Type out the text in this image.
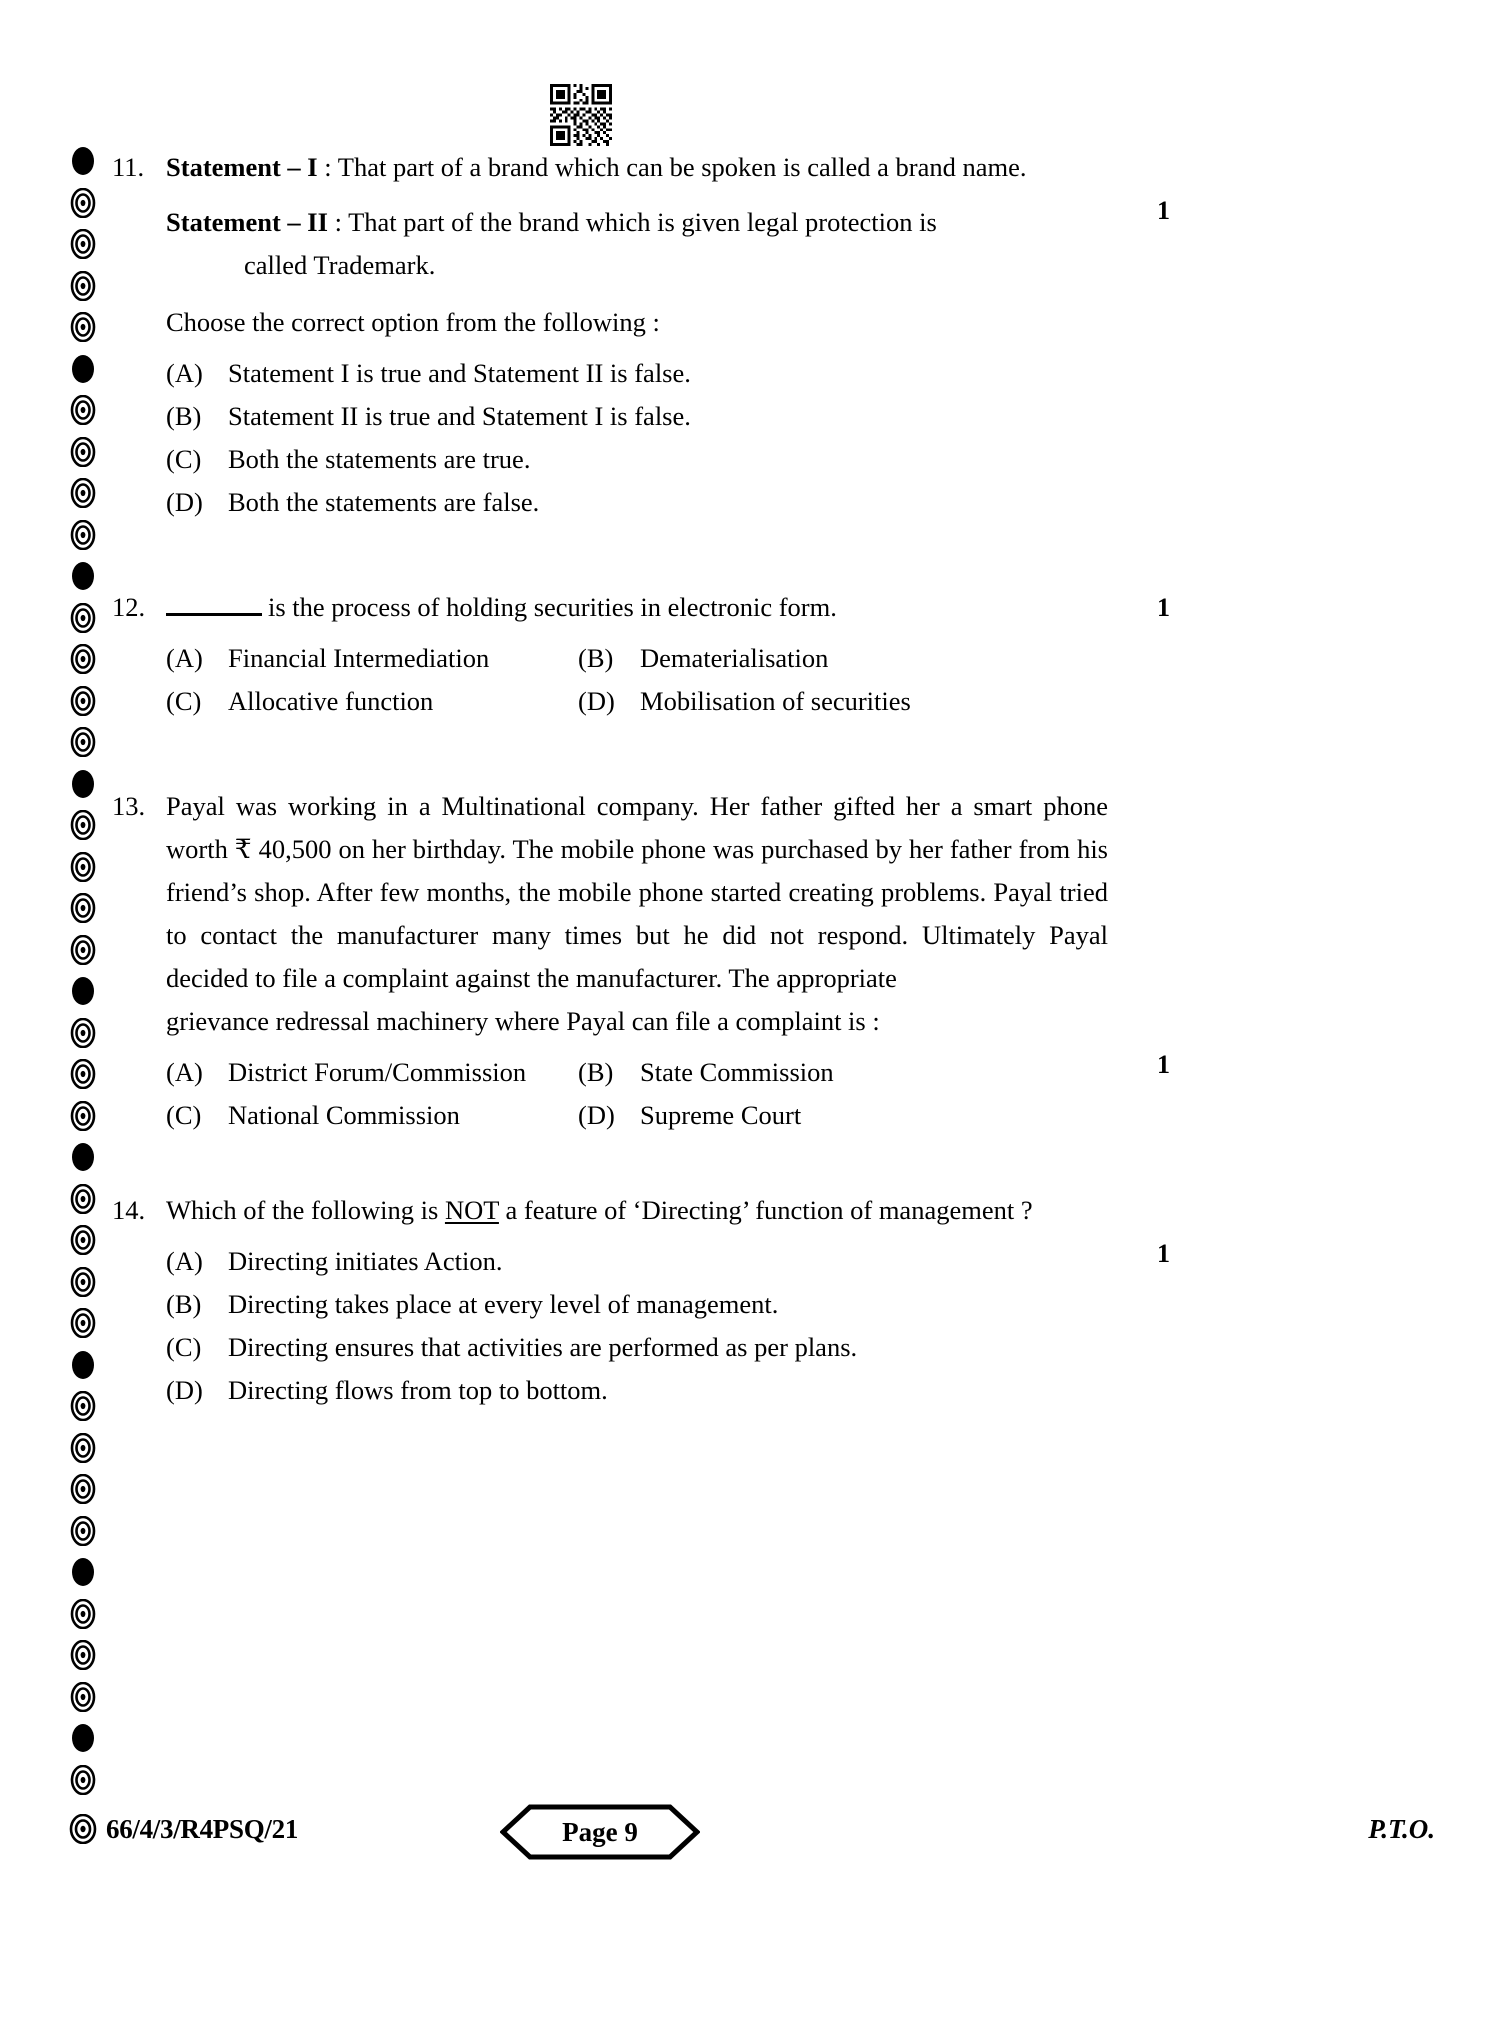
1
11. Statement – I : That part of a brand which can be spoken is called a brand name.
Statement – II : That part of the brand which is given legal protection is
called Trademark.
Choose the correct option from the following :
(A) Statement I is true and Statement II is false.
(B)	Statement II is true and Statement I is false.
(C)	Both the statements are true.
(D) Both the statements are false.
1
12.	is the process of holding securities in electronic form.
(A) Financial Intermediation	(B)	Dematerialisation
(C)	Allocative function	(D) Mobilisation of securities
1
13. Payal was working in a Multinational company. Her father gifted her a smart phone worth ₹ 40,500 on her birthday. The mobile phone was purchased by her father from his friend’s shop. After few months, the mobile phone started creating problems. Payal tried to contact the manufacturer many times but he did not respond. Ultimately Payal decided to file a complaint against the manufacturer. The appropriate
grievance redressal machinery where Payal can file a complaint is :
(A) District Forum/Commission (B)	State Commission
(C)	National Commission	(D) Supreme Court
1
14. Which of the following is NOT a feature of ‘Directing’ function of management ?
(A) Directing initiates Action.
(B)	Directing takes place at every level of management.
(C)	Directing ensures that activities are performed as per plans.
(D) Directing flows from top to bottom.
66/4/3/R4PSQ/21	Page 9	P.T.O.
